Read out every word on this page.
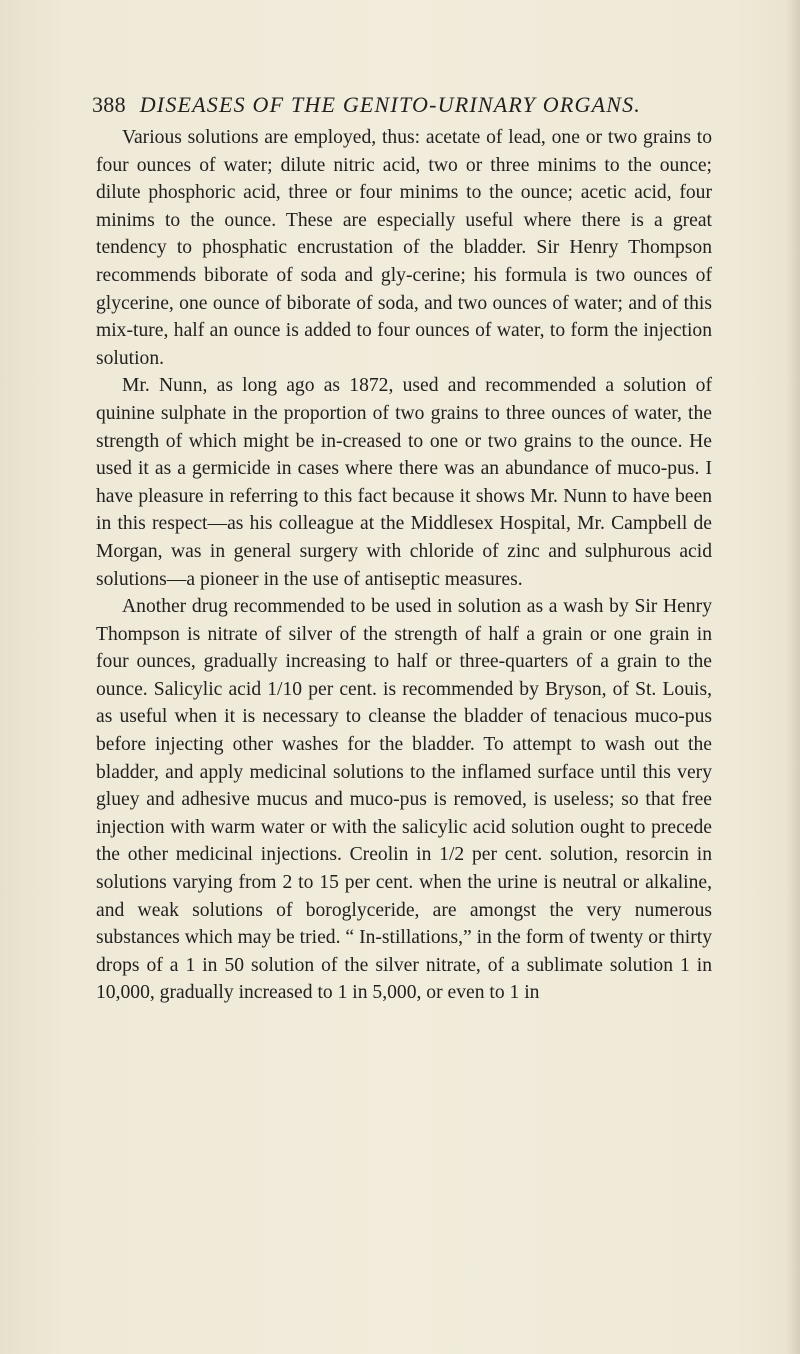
388 DISEASES OF THE GENITO-URINARY ORGANS.

Various solutions are employed, thus: acetate of lead, one or two grains to four ounces of water; dilute nitric acid, two or three minims to the ounce; dilute phosphoric acid, three or four minims to the ounce; acetic acid, four minims to the ounce. These are especially useful where there is a great tendency to phosphatic encrustation of the bladder. Sir Henry Thompson recommends biborate of soda and gly-cerine; his formula is two ounces of glycerine, one ounce of biborate of soda, and two ounces of water; and of this mix-ture, half an ounce is added to four ounces of water, to form the injection solution.

Mr. Nunn, as long ago as 1872, used and recommended a solution of quinine sulphate in the proportion of two grains to three ounces of water, the strength of which might be in-creased to one or two grains to the ounce. He used it as a germicide in cases where there was an abundance of muco-pus. I have pleasure in referring to this fact because it shows Mr. Nunn to have been in this respect—as his colleague at the Middlesex Hospital, Mr. Campbell de Morgan, was in general surgery with chloride of zinc and sulphurous acid solutions—a pioneer in the use of antiseptic measures.

Another drug recommended to be used in solution as a wash by Sir Henry Thompson is nitrate of silver of the strength of half a grain or one grain in four ounces, gradually increasing to half or three-quarters of a grain to the ounce. Salicylic acid 1/10 per cent. is recommended by Bryson, of St. Louis, as useful when it is necessary to cleanse the bladder of tenacious muco-pus before injecting other washes for the bladder. To attempt to wash out the bladder, and apply medicinal solutions to the inflamed surface until this very gluey and adhesive mucus and muco-pus is removed, is useless; so that free injection with warm water or with the salicylic acid solution ought to precede the other medicinal injections. Creolin in 1/2 per cent. solution, resorcin in solutions varying from 2 to 15 per cent. when the urine is neutral or alkaline, and weak solutions of boroglyceride, are amongst the very numerous substances which may be tried. “ In-stillations,” in the form of twenty or thirty drops of a 1 in 50 solution of the silver nitrate, of a sublimate solution 1 in 10,000, gradually increased to 1 in 5,000, or even to 1 in
